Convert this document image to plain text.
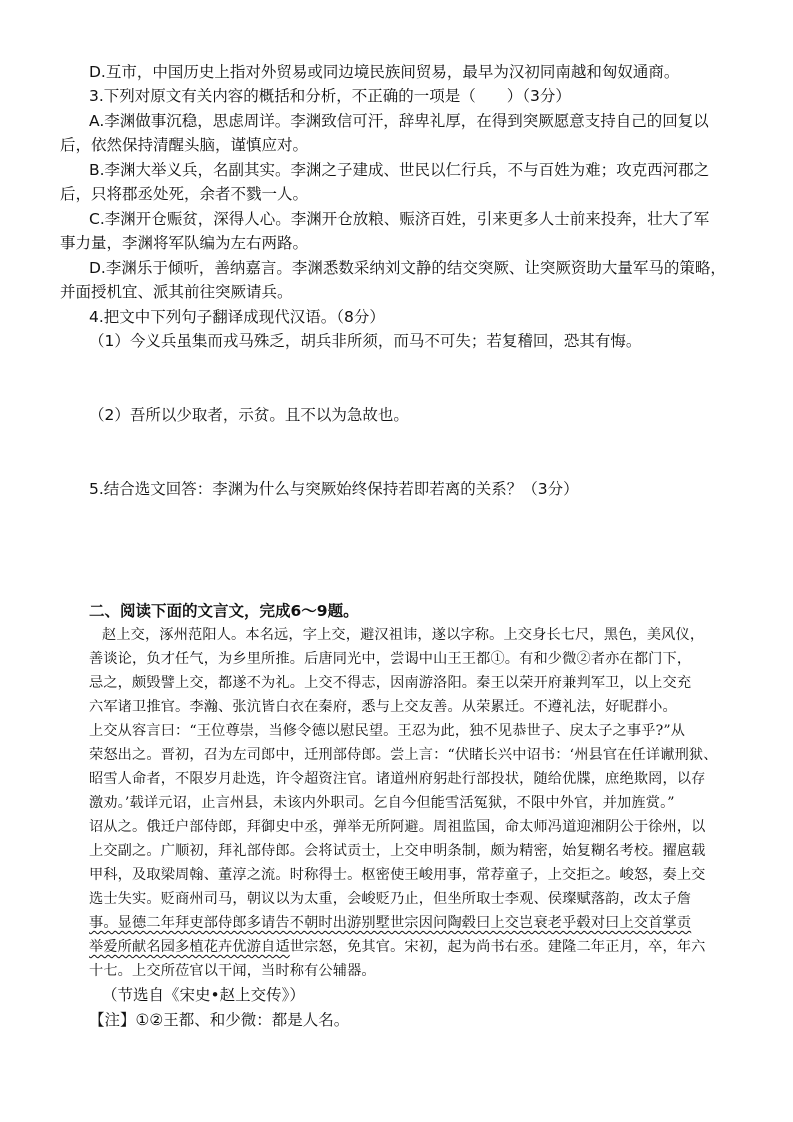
D.互市，中国历史上指对外贸易或同边境民族间贸易，最早为汉初同南越和匈奴通商。
3.下列对原文有关内容的概括和分析，不正确的一项是（　　）（3分）
A.李渊做事沉稳，思虑周详。李渊致信可汗，辞卑礼厚，在得到突厥愿意支持自己的回复以
后，依然保持清醒头脑，谨慎应对。
B.李渊大举义兵，名副其实。李渊之子建成、世民以仁行兵，不与百姓为难；攻克西河郡之
后，只将郡丞处死，余者不戮一人。
C.李渊开仓赈贫，深得人心。李渊开仓放粮、赈济百姓，引来更多人士前来投奔，壮大了军
事力量，李渊将军队编为左右两路。
D.李渊乐于倾听，善纳嘉言。李渊悉数采纳刘文静的结交突厥、让突厥资助大量军马的策略，
并面授机宜、派其前往突厥请兵。
4.把文中下列句子翻译成现代汉语。（8分）
（1）今义兵虽集而戎马殊乏，胡兵非所须，而马不可失；若复稽回，恐其有悔。
（2）吾所以少取者，示贫。且不以为急故也。
5.结合选文回答：李渊为什么与突厥始终保持若即若离的关系？（3分）
二、阅读下面的文言文，完成6～9题。
赵上交，涿州范阳人。本名远，字上交，避汉祖讳，遂以字称。上交身长七尺，黑色，美风仪，
善谈论，负才任气，为乡里所推。后唐同光中，尝谒中山王王都①。有和少微②者亦在都门下，
忌之，颇毁譬上交，都遂不为礼。上交不得志，因南游洛阳。秦王以荣开府兼判军卫，以上交充
六军诸卫推官。李瀚、张沆皆白衣在秦府，悉与上交友善。从荣累迁。不遵礼法，好昵群小。
上交从容言曰：“王位尊崇，当修令德以慰民望。王忍为此，独不见恭世子、戾太子之事乎?”从
荣怒出之。晋初，召为左司郎中，迁刑部侍郎。尝上言：“伏睹长兴中诏书：‘州县官在任详谳刑狱、
昭雪人命者，不限岁月赴选，许令超资注官。诸道州府躬赴行部投状，随给优牒，庶绝欺罔，以存
激劝。’载详元诏，止言州县，未该内外职司。乞自今但能雪活冤狱，不限中外官，并加旌赏。”
诏从之。俄迁户部侍郎，拜御史中丞，弹举无所阿避。周祖监国，命太师冯道迎湘阴公于徐州，以
上交副之。广顺初，拜礼部侍郎。会将试贡士，上交申明条制，颇为精密，始复糊名考校。擢扈载
甲科，及取梁周翰、董淳之流。时称得士。枢密使王峻用事，常荐童子，上交拒之。峻怒，奏上交
选士失实。贬商州司马，朝议以为太重，会峻贬乃止，但坐所取士李观、侯璨赋落韵，改太子詹
事。显德二年拜吏部侍郎多请告不朝时出游别墅世宗因问陶毂曰上交岂衰老乎毂对曰上交首掌贡
举爱所献名园多植花卉优游自适世宗怒，免其官。宋初，起为尚书右丞。建隆二年正月，卒，年六
十七。上交所莅官以干闻，当时称有公辅器。
（节选自《宋史•赵上交传》）
【注】①②王都、和少微：都是人名。
